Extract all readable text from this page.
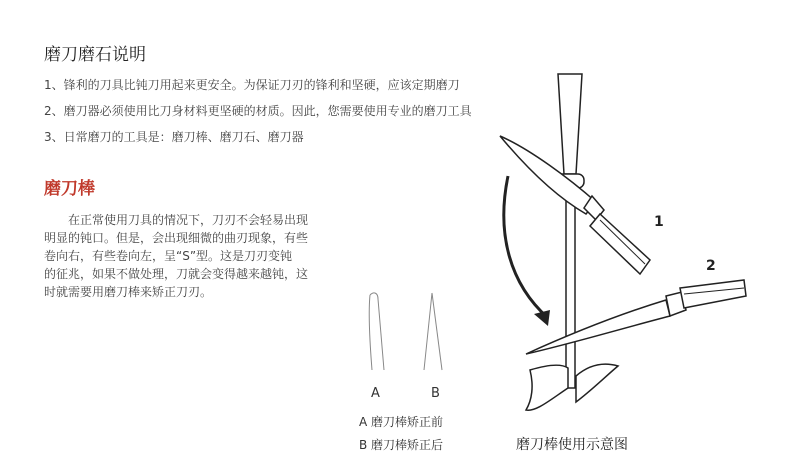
磨刀磨石说明
1、锋利的刀具比钝刀用起来更安全。为保证刀刃的锋利和坚硬，应该定期磨刀
2、磨刀器必须使用比刀身材料更坚硬的材质。因此，您需要使用专业的磨刀工具
3、日常磨刀的工具是：磨刀棒、磨刀石、磨刀器
磨刀棒
在正常使用刀具的情况下，刀刃不会轻易出现
明显的钝口。但是，会出现细微的曲刃现象，有些
卷向右，有些卷向左，呈“S”型。这是刀刃变钝
的征兆，如果不做处理，刀就会变得越来越钝，这
时就需要用磨刀棒来矫正刀刃。
A	B
A 磨刀棒矫正前
B 磨刀棒矫正后
1
2
磨刀棒使用示意图
